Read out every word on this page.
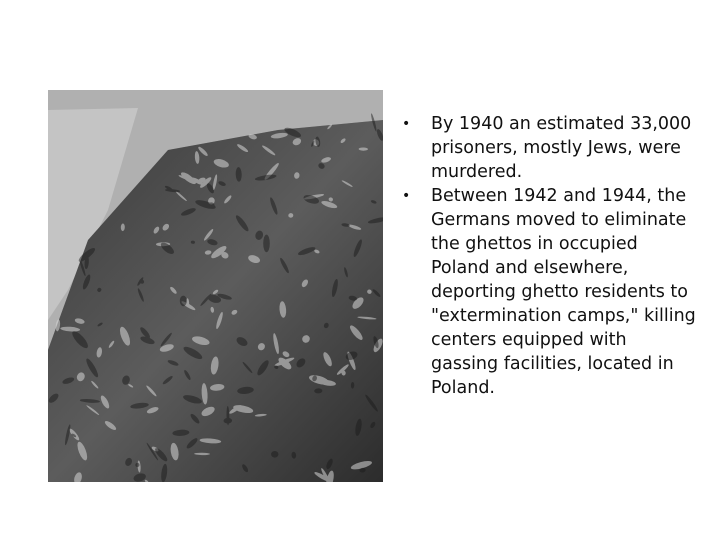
• By 1940 an estimated 33,000 prisoners, mostly Jews, were murdered.
• Between 1942 and 1944, the Germans moved to eliminate the ghettos in occupied Poland and elsewhere, deporting ghetto residents to "extermination camps," killing centers equipped with gassing facilities, located in Poland.
